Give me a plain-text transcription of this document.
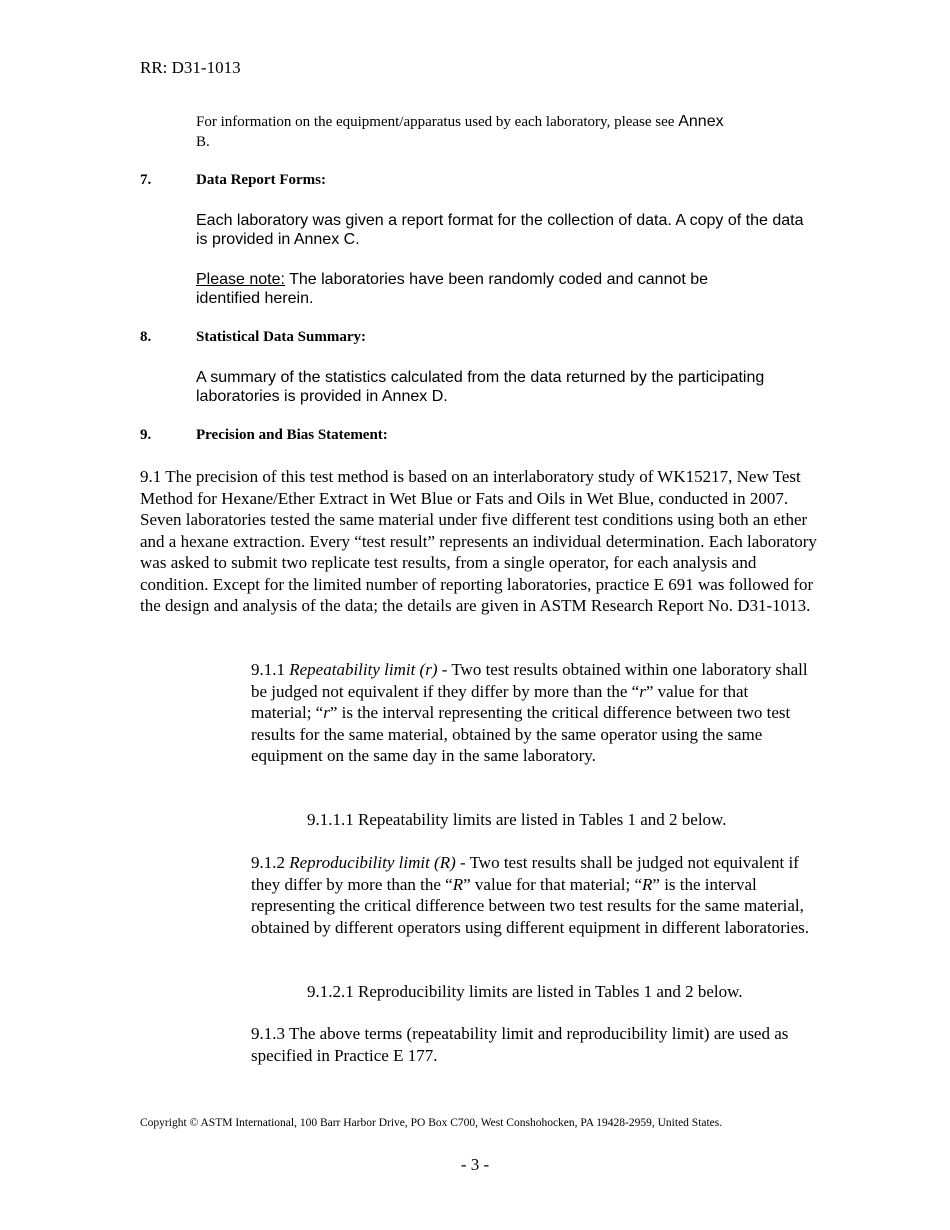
RR: D31-1013
For information on the equipment/apparatus used by each laboratory, please see Annex
B.
7.	Data Report Forms:
Each laboratory was given a report format for the collection of data. A copy of the data is provided in Annex C.
Please note: The laboratories have been randomly coded and cannot be identified herein.
8.	Statistical Data Summary:
A summary of the statistics calculated from the data returned by the participating laboratories is provided in Annex D.
9.	Precision and Bias Statement:
9.1 The precision of this test method is based on an interlaboratory study of WK15217, New Test Method for Hexane/Ether Extract in Wet Blue or Fats and Oils in Wet Blue, conducted in 2007. Seven laboratories tested the same material under five different test conditions using both an ether and a hexane extraction. Every “test result” represents an individual determination. Each laboratory was asked to submit two replicate test results, from a single operator, for each analysis and condition. Except for the limited number of reporting laboratories, practice E 691 was followed for the design and analysis of the data; the details are given in ASTM Research Report No. D31-1013.
9.1.1 Repeatability limit (r) - Two test results obtained within one laboratory shall be judged not equivalent if they differ by more than the “r” value for that material; “r” is the interval representing the critical difference between two test results for the same material, obtained by the same operator using the same equipment on the same day in the same laboratory.
9.1.1.1 Repeatability limits are listed in Tables 1 and 2 below.
9.1.2 Reproducibility limit (R) - Two test results shall be judged not equivalent if they differ by more than the “R” value for that material; “R” is the interval representing the critical difference between two test results for the same material, obtained by different operators using different equipment in different laboratories.
9.1.2.1 Reproducibility limits are listed in Tables 1 and 2 below.
9.1.3 The above terms (repeatability limit and reproducibility limit) are used as specified in Practice E 177.
Copyright © ASTM International, 100 Barr Harbor Drive, PO Box C700, West Conshohocken, PA 19428-2959, United States.
- 3 -
